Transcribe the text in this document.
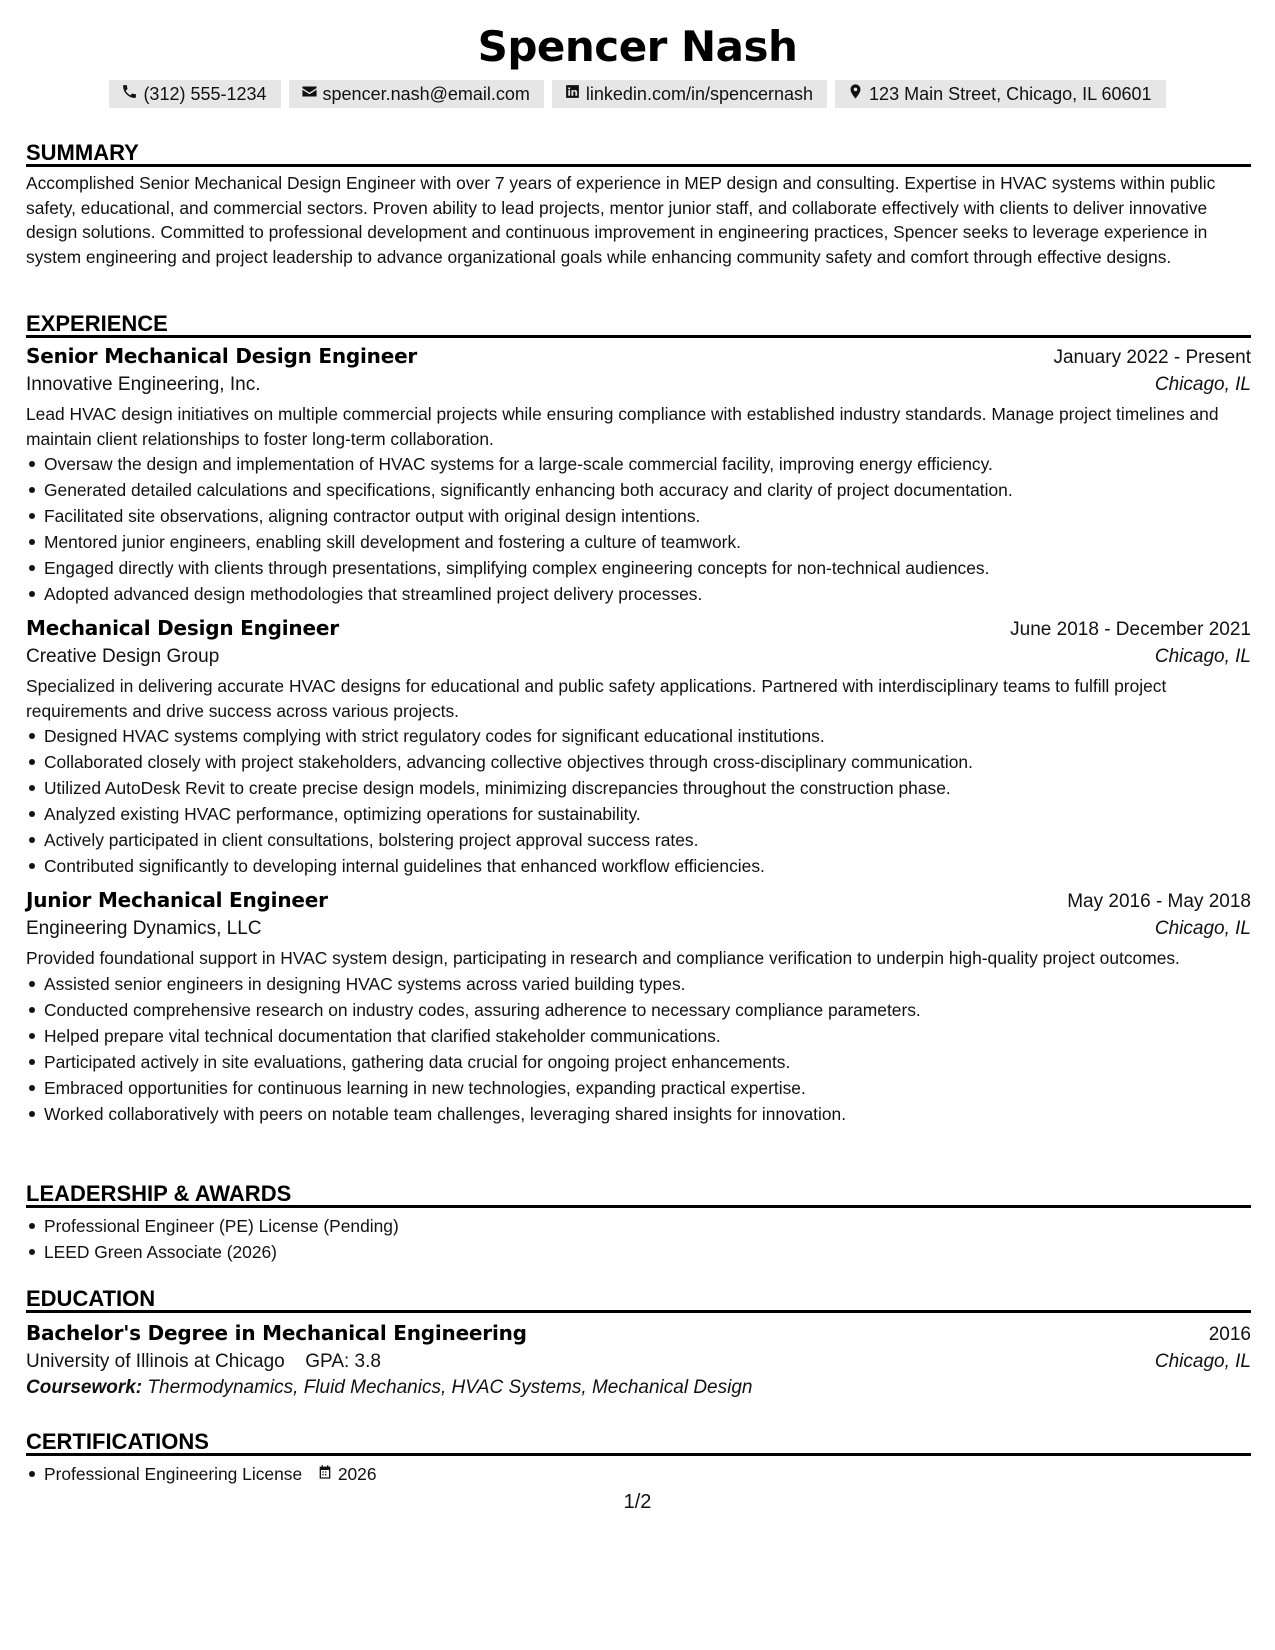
Spencer Nash
(312) 555-1234	spencer.nash@email.com	linkedin.com/in/spencernash	123 Main Street, Chicago, IL 60601
SUMMARY

Accomplished Senior Mechanical Design Engineer with over 7 years of experience in MEP design and consulting. Expertise in HVAC systems within public safety, educational, and commercial sectors. Proven ability to lead projects, mentor junior staff, and collaborate effectively with clients to deliver innovative design solutions. Committed to professional development and continuous improvement in engineering practices, Spencer seeks to leverage experience in system engineering and project leadership to advance organizational goals while enhancing community safety and comfort through effective designs.

EXPERIENCE
Senior Mechanical Design Engineer	January 2022 - Present
Innovative Engineering, Inc.	Chicago, IL

Lead HVAC design initiatives on multiple commercial projects while ensuring compliance with established industry standards. Manage project timelines and maintain client relationships to foster long-term collaboration.

Oversaw the design and implementation of HVAC systems for a large-scale commercial facility, improving energy efficiency.
Generated detailed calculations and specifications, significantly enhancing both accuracy and clarity of project documentation.
Facilitated site observations, aligning contractor output with original design intentions.
Mentored junior engineers, enabling skill development and fostering a culture of teamwork.
Engaged directly with clients through presentations, simplifying complex engineering concepts for non-technical audiences.
Adopted advanced design methodologies that streamlined project delivery processes.
Mechanical Design Engineer	June 2018 - December 2021
Creative Design Group	Chicago, IL

Specialized in delivering accurate HVAC designs for educational and public safety applications. Partnered with interdisciplinary teams to fulfill project requirements and drive success across various projects.

Designed HVAC systems complying with strict regulatory codes for significant educational institutions.
Collaborated closely with project stakeholders, advancing collective objectives through cross-disciplinary communication.
Utilized AutoDesk Revit to create precise design models, minimizing discrepancies throughout the construction phase.
Analyzed existing HVAC performance, optimizing operations for sustainability.
Actively participated in client consultations, bolstering project approval success rates.
Contributed significantly to developing internal guidelines that enhanced workflow efficiencies.
Junior Mechanical Engineer	May 2016 - May 2018
Engineering Dynamics, LLC	Chicago, IL

Provided foundational support in HVAC system design, participating in research and compliance verification to underpin high-quality project outcomes.

Assisted senior engineers in designing HVAC systems across varied building types.
Conducted comprehensive research on industry codes, assuring adherence to necessary compliance parameters.
Helped prepare vital technical documentation that clarified stakeholder communications.
Participated actively in site evaluations, gathering data crucial for ongoing project enhancements.
Embraced opportunities for continuous learning in new technologies, expanding practical expertise.
Worked collaboratively with peers on notable team challenges, leveraging shared insights for innovation.
LEADERSHIP & AWARDS
Professional Engineer (PE) License (Pending)
LEED Green Associate (2026)
EDUCATION
Bachelor's Degree in Mechanical Engineering	2016
University of Illinois at Chicago GPA: 3.8	Chicago, IL
Coursework: Thermodynamics, Fluid Mechanics, HVAC Systems, Mechanical Design
CERTIFICATIONS
Professional Engineering License 2026
1/2
